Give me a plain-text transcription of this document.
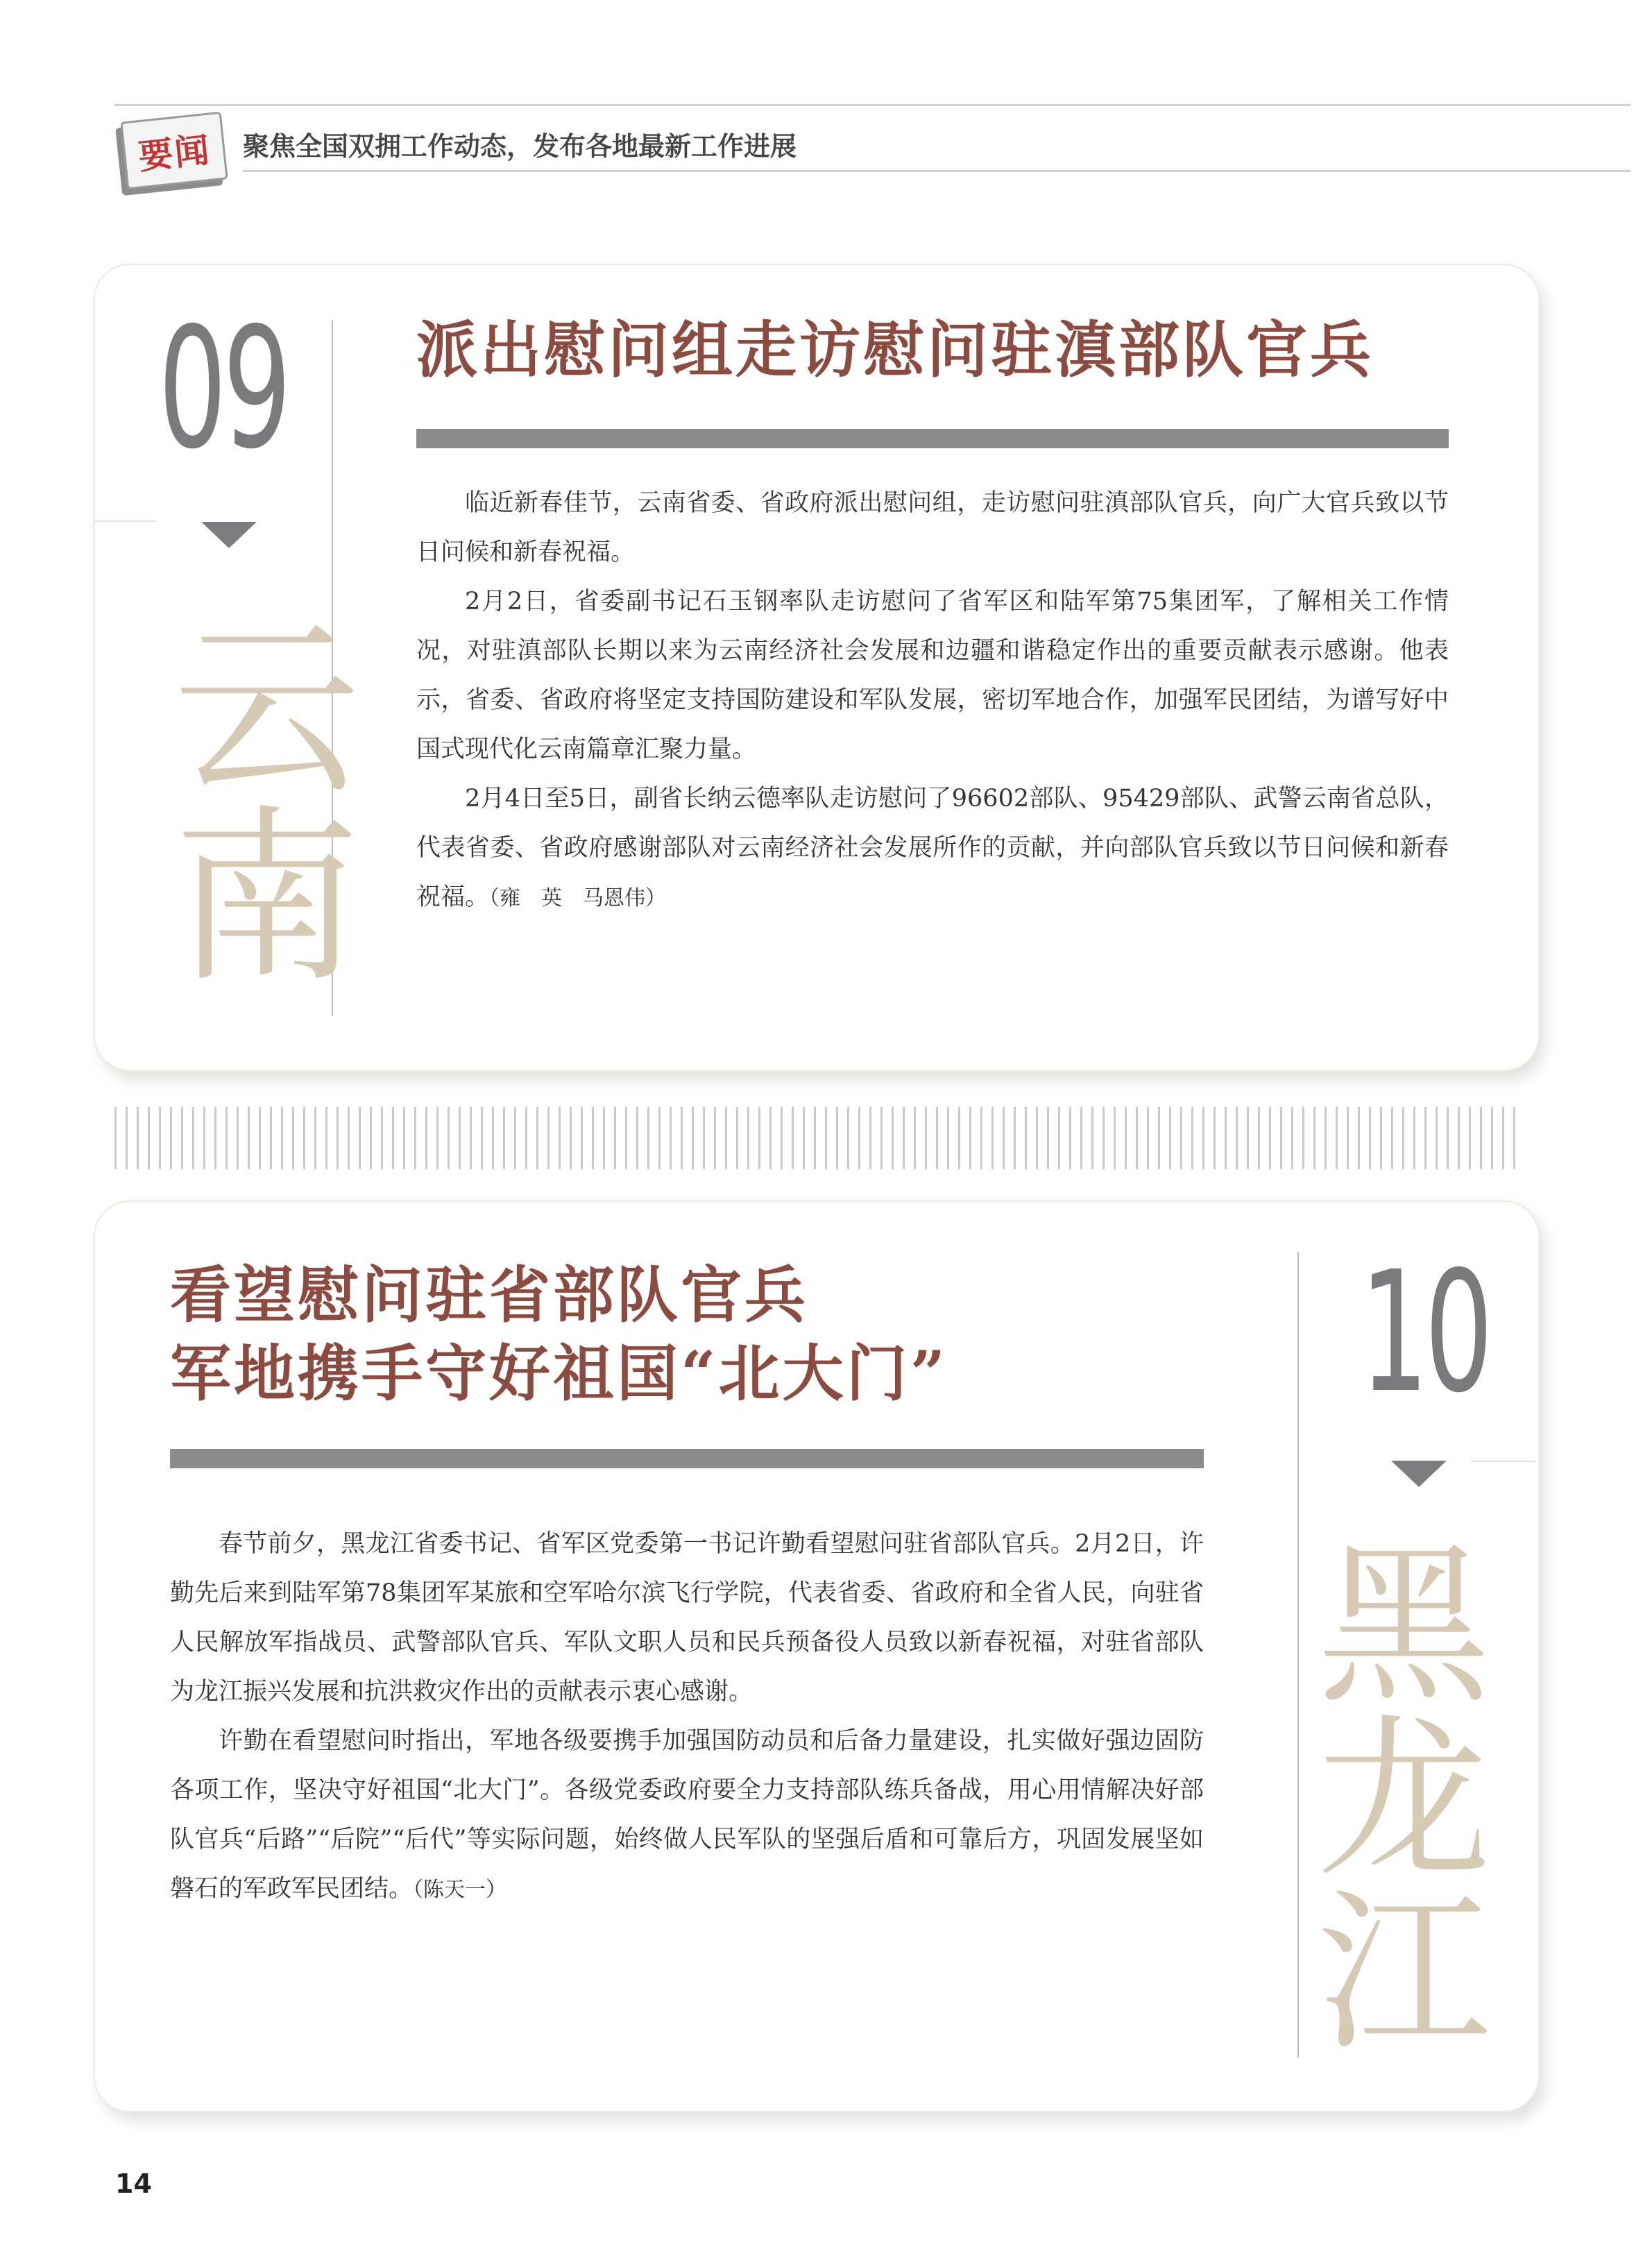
要闻	聚焦全国双拥工作动态，发布各地最新工作进展
09
云南
派出慰问组走访慰问驻滇部队官兵

临近新春佳节，云南省委、省政府派出慰问组，走访慰问驻滇部队官兵，向广大官兵致以节日问候和新春祝福。

2月2日，省委副书记石玉钢率队走访慰问了省军区和陆军第75集团军，了解相关工作情况，对驻滇部队长期以来为云南经济社会发展和边疆和谐稳定作出的重要贡献表示感谢。他表示，省委、省政府将坚定支持国防建设和军队发展，密切军地合作，加强军民团结，为谱写好中国式现代化云南篇章汇聚力量。

2月4日至5日，副省长纳云德率队走访慰问了96602部队、95429部队、武警云南省总队，代表省委、省政府感谢部队对云南经济社会发展所作的贡献，并向部队官兵致以节日问候和新春祝福。（雍　英　马恩伟）

看望慰问驻省部队官兵
军地携手守好祖国“北大门” 10
黑龙江

春节前夕，黑龙江省委书记、省军区党委第一书记许勤看望慰问驻省部队官兵。2月2日，许勤先后来到陆军第78集团军某旅和空军哈尔滨飞行学院，代表省委、省政府和全省人民，向驻省人民解放军指战员、武警部队官兵、军队文职人员和民兵预备役人员致以新春祝福，对驻省部队为龙江振兴发展和抗洪救灾作出的贡献表示衷心感谢。

许勤在看望慰问时指出，军地各级要携手加强国防动员和后备力量建设，扎实做好强边固防各项工作，坚决守好祖国“北大门”。各级党委政府要全力支持部队练兵备战，用心用情解决好部队官兵“后路”“后院”“后代”等实际问题，始终做人民军队的坚强后盾和可靠后方，巩固发展坚如磐石的军政军民团结。（陈天一）

14
